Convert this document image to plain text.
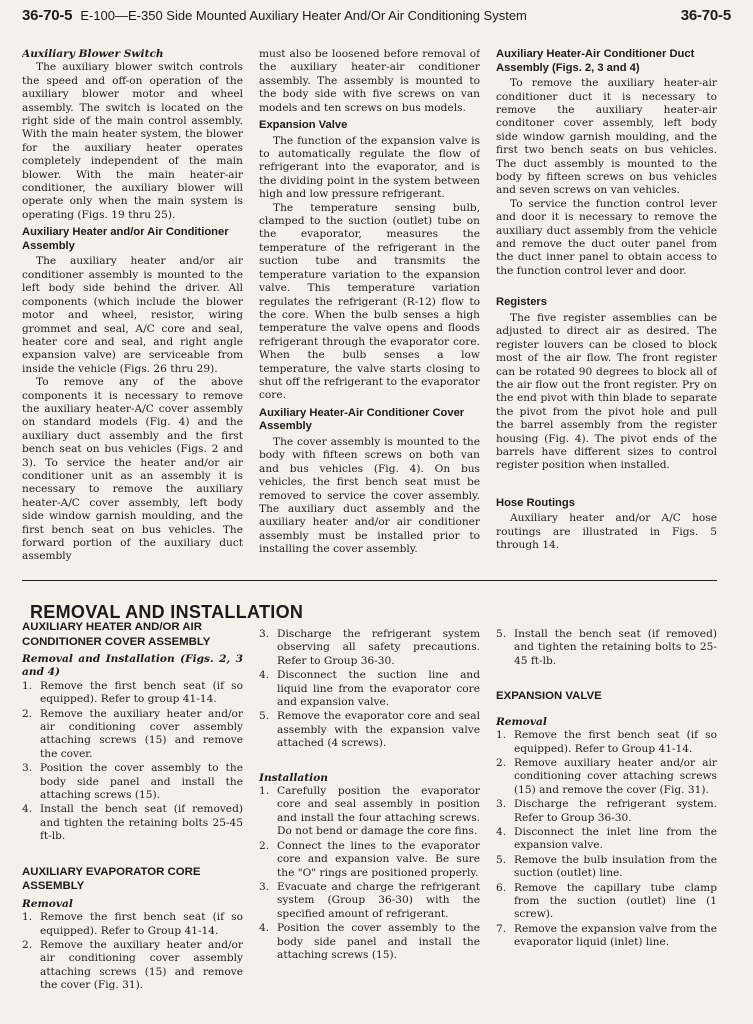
36-70-5 E-100—E-350 Side Mounted Auxiliary Heater And/Or Air Conditioning System	36-70-5

Auxiliary Blower Switch

The auxiliary blower switch controls the speed and off-on operation of the auxiliary blower motor and wheel assembly. The switch is located on the right side of the main control assembly. With the main heater system, the blower for the auxiliary heater operates completely independent of the main blower. With the main heater-air conditioner, the auxiliary blower will operate only when the main system is operating (Figs. 19 thru 25).

Auxiliary Heater and/or Air Conditioner Assembly

The auxiliary heater and/or air conditioner assembly is mounted to the left body side behind the driver. All components (which include the blower motor and wheel, resistor, wiring grommet and seal, A/C core and seal, heater core and seal, and right angle expansion valve) are serviceable from inside the vehicle (Figs. 26 thru 29).

To remove any of the above components it is necessary to remove the auxiliary heater-A/C cover assembly on standard models (Fig. 4) and the auxiliary duct assembly and the first bench seat on bus vehicles (Figs. 2 and 3). To service the heater and/or air conditioner unit as an assembly it is necessary to remove the auxiliary heater-A/C cover assembly, left body side window garnish moulding, and the first bench seat on bus vehicles. The forward portion of the auxiliary duct assembly

must also be loosened before removal of the auxiliary heater-air conditioner assembly. The assembly is mounted to the body side with five screws on van models and ten screws on bus models.

Expansion Valve

The function of the expansion valve is to automatically regulate the flow of refrigerant into the evaporator, and is the dividing point in the system between high and low pressure refrigerant.

The temperature sensing bulb, clamped to the suction (outlet) tube on the evaporator, measures the temperature of the refrigerant in the suction tube and transmits the temperature variation to the expansion valve. This temperature variation regulates the refrigerant (R-12) flow to the core. When the bulb senses a high temperature the valve opens and floods refrigerant through the evaporator core. When the bulb senses a low temperature, the valve starts closing to shut off the refrigerant to the evaporator core.

Auxiliary Heater-Air Conditioner Cover Assembly

The cover assembly is mounted to the body with fifteen screws on both van and bus vehicles (Fig. 4). On bus vehicles, the first bench seat must be removed to service the cover assembly. The auxiliary duct assembly and the auxiliary heater and/or air conditioner assembly must be installed prior to installing the cover assembly.

Auxiliary Heater-Air Conditioner Duct Assembly (Figs. 2, 3 and 4)

To remove the auxiliary heater-air conditioner duct it is necessary to remove the auxiliary heater-air conditoner cover assembly, left body side window garnish moulding, and the first two bench seats on bus vehicles. The duct assembly is mounted to the body by fifteen screws on bus vehicles and seven screws on van vehicles.

To service the function control lever and door it is necessary to remove the auxiliary duct assembly from the vehicle and remove the duct outer panel from the duct inner panel to obtain access to the function control lever and door.

Registers

The five register assemblies can be adjusted to direct air as desired. The register louvers can be closed to block most of the air flow. The front register can be rotated 90 degrees to block all of the air flow out the front register. Pry on the end pivot with thin blade to separate the pivot from the pivot hole and pull the barrel assembly from the register housing (Fig. 4). The pivot ends of the barrels have different sizes to control register position when installed.

Hose Routings

Auxiliary heater and/or A/C hose routings are illustrated in Figs. 5 through 14.

REMOVAL AND INSTALLATION
AUXILIARY HEATER AND/OR AIR CONDITIONER COVER ASSEMBLY

Removal and Installation (Figs. 2, 3 and 4)

1. Remove the first bench seat (if so equipped). Refer to group 41-14.
2. Remove the auxiliary heater and/or air conditioning cover assembly attaching screws (15) and remove the cover.
3. Position the cover assembly to the body side panel and install the attaching screws (15).
4. Install the bench seat (if removed) and tighten the retaining bolts 25-45 ft-lb.
AUXILIARY EVAPORATOR CORE ASSEMBLY

Removal

1. Remove the first bench seat (if so equipped). Refer to Group 41-14.
2. Remove the auxiliary heater and/or air conditioning cover assembly attaching screws (15) and remove the cover (Fig. 31).
3. Discharge the refrigerant system observing all safety precautions. Refer to Group 36-30.
4. Disconnect the suction line and liquid line from the evaporator core and expansion valve.
5. Remove the evaporator core and seal assembly with the expansion valve attached (4 screws).

Installation

1. Carefully position the evaporator core and seal assembly in position and install the four attaching screws. Do not bend or damage the core fins.
2. Connect the lines to the evaporator core and expansion valve. Be sure the "O" rings are positioned properly.
3. Evacuate and charge the refrigerant system (Group 36-30) with the specified amount of refrigerant.
4. Position the cover assembly to the body side panel and install the attaching screws (15).
5. Install the bench seat (if removed) and tighten the retaining bolts to 25-45 ft-lb.
EXPANSION VALVE

Removal

1. Remove the first bench seat (if so equipped). Refer to Group 41-14.
2. Remove auxiliary heater and/or air conditioning cover attaching screws (15) and remove the cover (Fig. 31).
3. Discharge the refrigerant system. Refer to Group 36-30.
4. Disconnect the inlet line from the expansion valve.
5. Remove the bulb insulation from the suction (outlet) line.
6. Remove the capillary tube clamp from the suction (outlet) line (1 screw).
7. Remove the expansion valve from the evaporator liquid (inlet) line.
